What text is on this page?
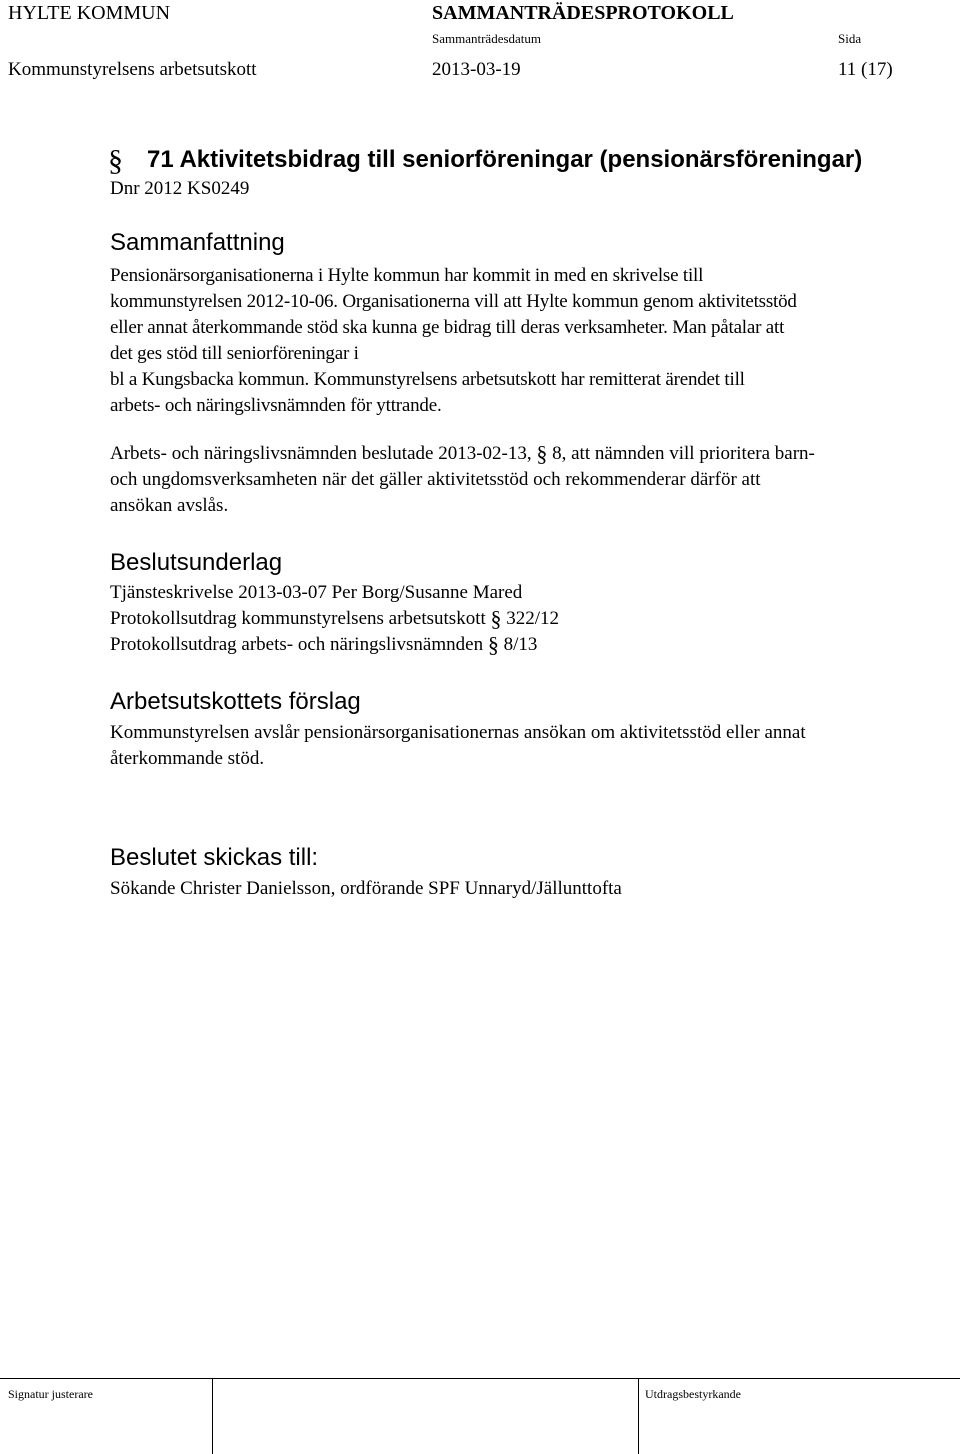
HYLTE KOMMUN	SAMMANTRÄDESPROTOKOLL
Sammanträdesdatum	Sida
Kommunstyrelsens arbetsutskott	2013-03-19	11 (17)
§ 71 Aktivitetsbidrag till seniorföreningar (pensionärsföreningar)
Dnr 2012 KS0249
Sammanfattning
Pensionärsorganisationerna i Hylte kommun har kommit in med en skrivelse till
kommunstyrelsen 2012-10-06. Organisationerna vill att Hylte kommun genom aktivitetsstöd
eller annat återkommande stöd ska kunna ge bidrag till deras verksamheter. Man påtalar att
det ges stöd till seniorföreningar i
bl a Kungsbacka kommun. Kommunstyrelsens arbetsutskott har remitterat ärendet till
arbets- och näringslivsnämnden för yttrande.
Arbets- och näringslivsnämnden beslutade 2013-02-13, § 8, att nämnden vill prioritera barn-
och ungdomsverksamheten när det gäller aktivitetsstöd och rekommenderar därför att
ansökan avslås.
Beslutsunderlag
Tjänsteskrivelse 2013-03-07 Per Borg/Susanne Mared
Protokollsutdrag kommunstyrelsens arbetsutskott § 322/12
Protokollsutdrag arbets- och näringslivsnämnden § 8/13
Arbetsutskottets förslag
Kommunstyrelsen avslår pensionärsorganisationernas ansökan om aktivitetsstöd eller annat
återkommande stöd.
Beslutet skickas till:
Sökande Christer Danielsson, ordförande SPF Unnaryd/Jällunttofta
Signatur justerare	Utdragsbestyrkande
